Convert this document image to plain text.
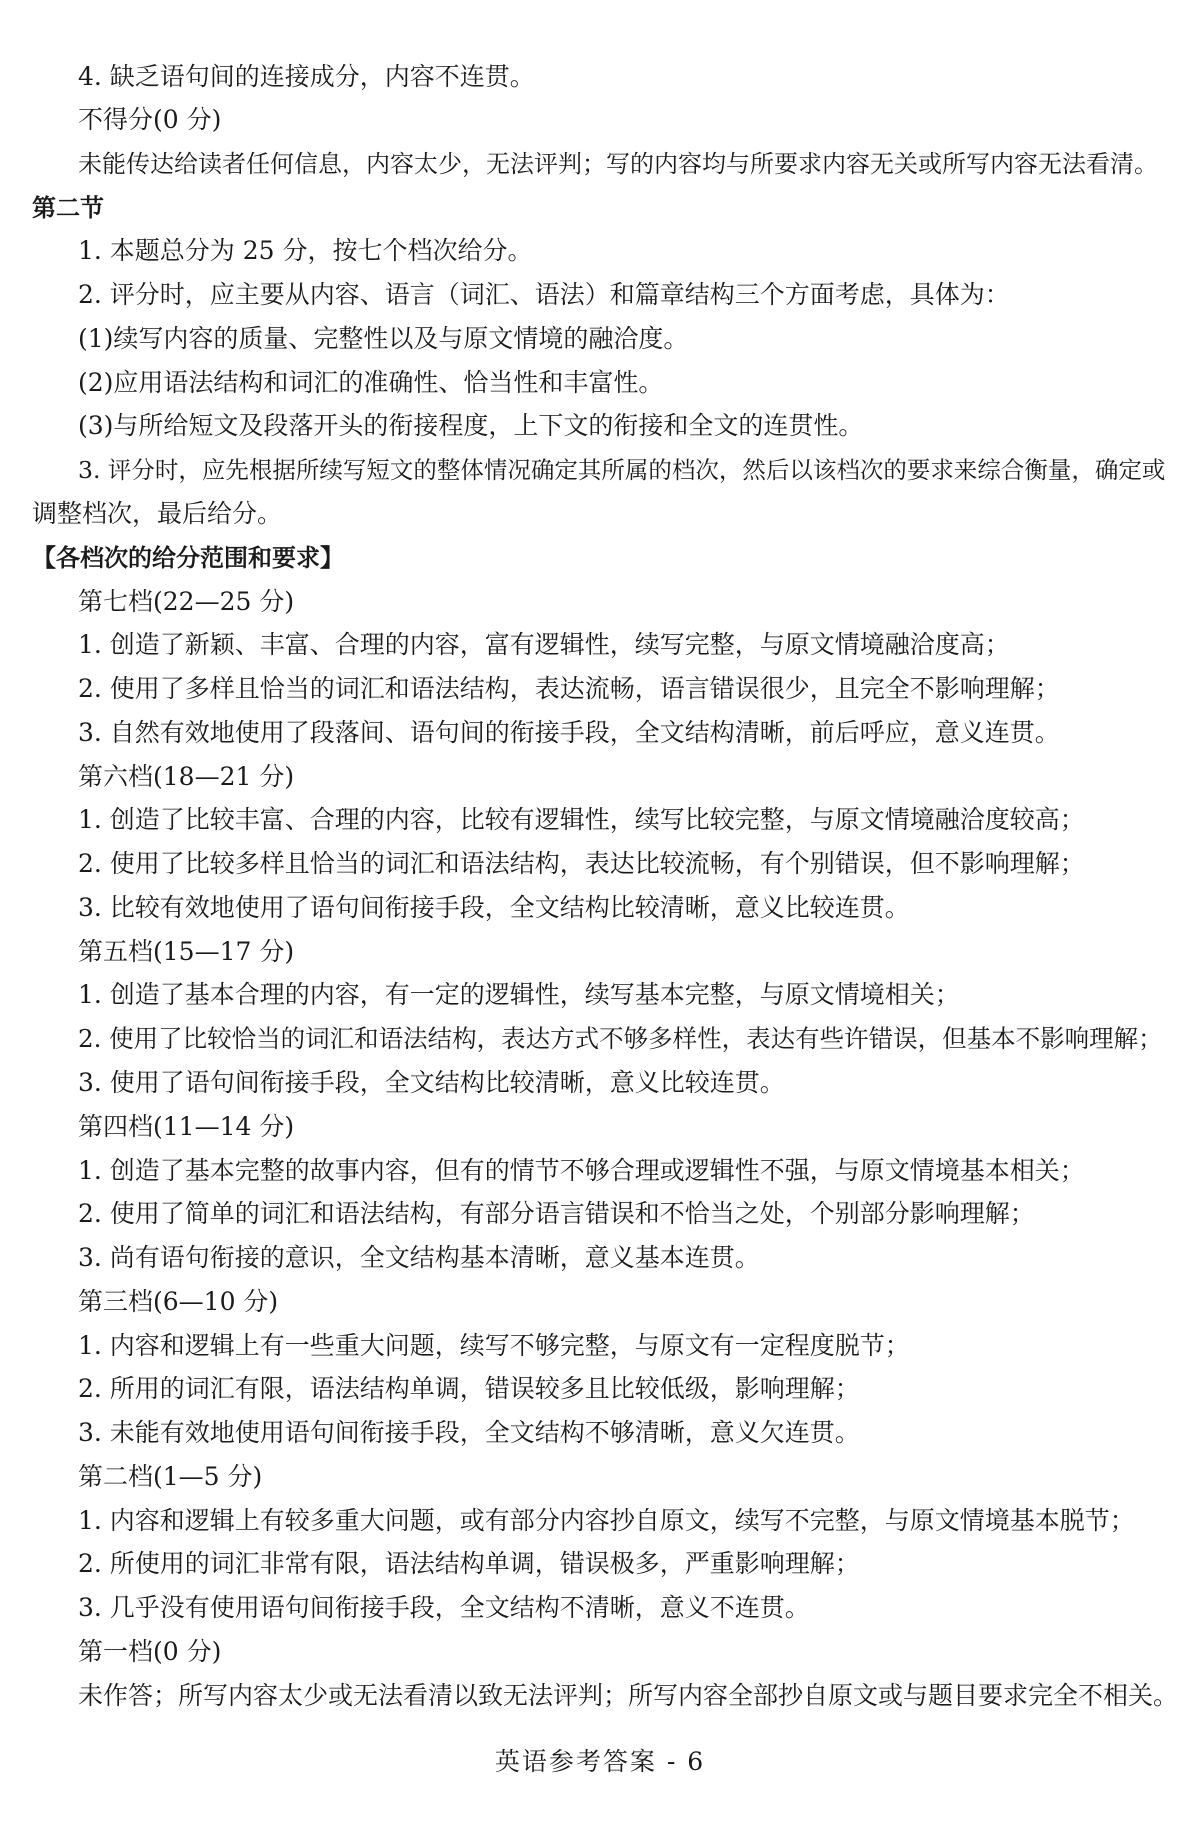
4. 缺乏语句间的连接成分，内容不连贯。
不得分(0 分)
未能传达给读者任何信息，内容太少，无法评判；写的内容均与所要求内容无关或所写内容无法看清。
第二节
1. 本题总分为 25 分，按七个档次给分。
2. 评分时，应主要从内容、语言（词汇、语法）和篇章结构三个方面考虑，具体为：
(1)续写内容的质量、完整性以及与原文情境的融洽度。
(2)应用语法结构和词汇的准确性、恰当性和丰富性。
(3)与所给短文及段落开头的衔接程度，上下文的衔接和全文的连贯性。
3. 评分时，应先根据所续写短文的整体情况确定其所属的档次，然后以该档次的要求来综合衡量，确定或
调整档次，最后给分。
【各档次的给分范围和要求】
第七档(22—25 分)
1. 创造了新颖、丰富、合理的内容，富有逻辑性，续写完整，与原文情境融洽度高；
2. 使用了多样且恰当的词汇和语法结构，表达流畅，语言错误很少，且完全不影响理解；
3. 自然有效地使用了段落间、语句间的衔接手段，全文结构清晰，前后呼应，意义连贯。
第六档(18—21 分)
1. 创造了比较丰富、合理的内容，比较有逻辑性，续写比较完整，与原文情境融洽度较高；
2. 使用了比较多样且恰当的词汇和语法结构，表达比较流畅，有个别错误，但不影响理解；
3. 比较有效地使用了语句间衔接手段，全文结构比较清晰，意义比较连贯。
第五档(15—17 分)
1. 创造了基本合理的内容，有一定的逻辑性，续写基本完整，与原文情境相关；
2. 使用了比较恰当的词汇和语法结构，表达方式不够多样性，表达有些许错误，但基本不影响理解；
3. 使用了语句间衔接手段，全文结构比较清晰，意义比较连贯。
第四档(11—14 分)
1. 创造了基本完整的故事内容，但有的情节不够合理或逻辑性不强，与原文情境基本相关；
2. 使用了简单的词汇和语法结构，有部分语言错误和不恰当之处，个别部分影响理解；
3. 尚有语句衔接的意识，全文结构基本清晰，意义基本连贯。
第三档(6—10 分)
1. 内容和逻辑上有一些重大问题，续写不够完整，与原文有一定程度脱节；
2. 所用的词汇有限，语法结构单调，错误较多且比较低级，影响理解；
3. 未能有效地使用语句间衔接手段，全文结构不够清晰，意义欠连贯。
第二档(1—5 分)
1. 内容和逻辑上有较多重大问题，或有部分内容抄自原文，续写不完整，与原文情境基本脱节；
2. 所使用的词汇非常有限，语法结构单调，错误极多，严重影响理解；
3. 几乎没有使用语句间衔接手段，全文结构不清晰，意义不连贯。
第一档(0 分)
未作答；所写内容太少或无法看清以致无法评判；所写内容全部抄自原文或与题目要求完全不相关。
英语参考答案 - 6
